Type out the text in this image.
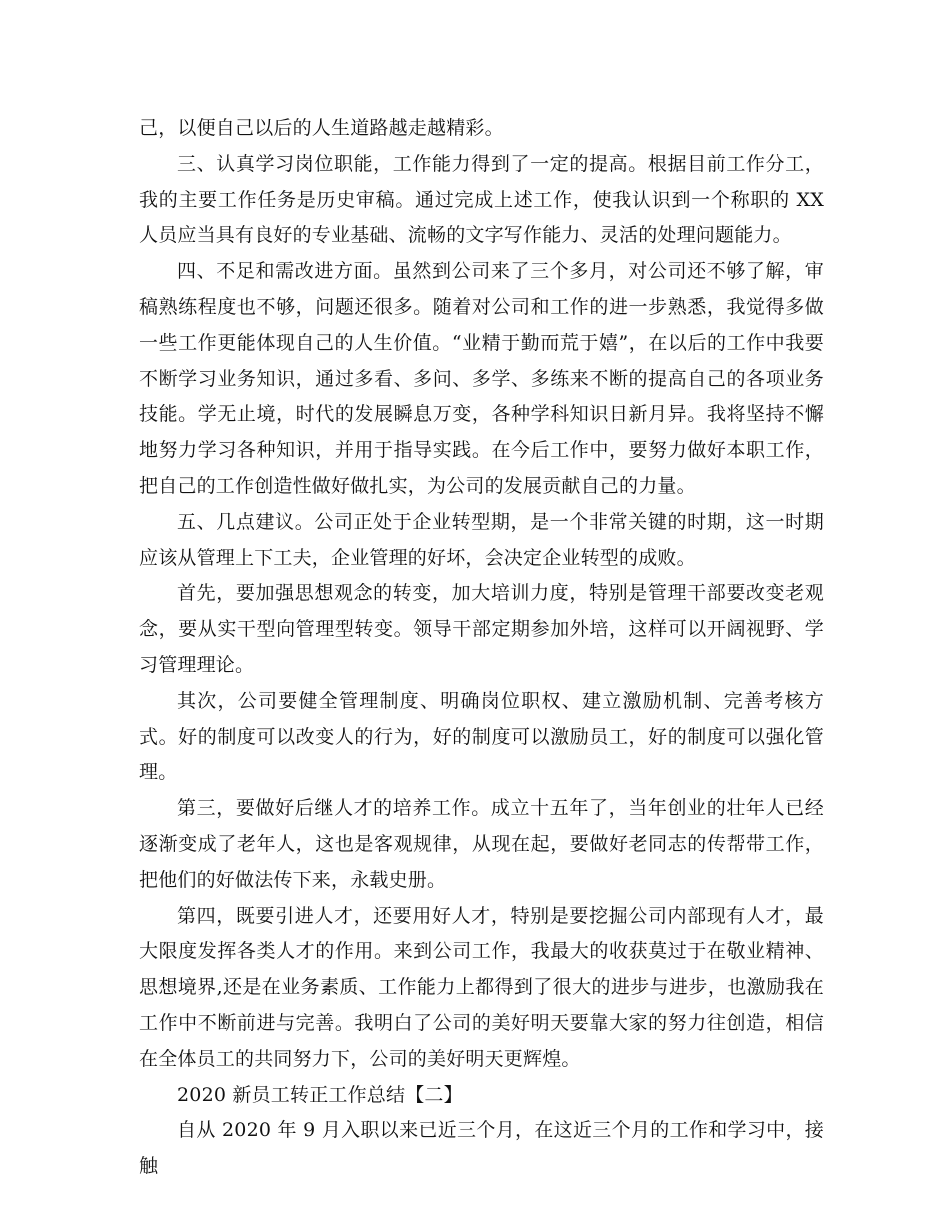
己，以便自己以后的人生道路越走越精彩。

三、认真学习岗位职能，工作能力得到了一定的提高。根据目前工作分工，我的主要工作任务是历史审稿。通过完成上述工作，使我认识到一个称职的 XX 人员应当具有良好的专业基础、流畅的文字写作能力、灵活的处理问题能力。

四、不足和需改进方面。虽然到公司来了三个多月，对公司还不够了解，审稿熟练程度也不够，问题还很多。随着对公司和工作的进一步熟悉，我觉得多做一些工作更能体现自己的人生价值。“业精于勤而荒于嬉”，在以后的工作中我要不断学习业务知识，通过多看、多问、多学、多练来不断的提高自己的各项业务技能。学无止境，时代的发展瞬息万变，各种学科知识日新月异。我将坚持不懈地努力学习各种知识，并用于指导实践。在今后工作中，要努力做好本职工作，把自己的工作创造性做好做扎实，为公司的发展贡献自己的力量。

五、几点建议。公司正处于企业转型期，是一个非常关键的时期，这一时期应该从管理上下工夫，企业管理的好坏，会决定企业转型的成败。

首先，要加强思想观念的转变，加大培训力度，特别是管理干部要改变老观念，要从实干型向管理型转变。领导干部定期参加外培，这样可以开阔视野、学习管理理论。

其次，公司要健全管理制度、明确岗位职权、建立激励机制、完善考核方式。好的制度可以改变人的行为，好的制度可以激励员工，好的制度可以强化管理。

第三，要做好后继人才的培养工作。成立十五年了，当年创业的壮年人已经逐渐变成了老年人，这也是客观规律，从现在起，要做好老同志的传帮带工作，把他们的好做法传下来，永载史册。

第四，既要引进人才，还要用好人才，特别是要挖掘公司内部现有人才，最大限度发挥各类人才的作用。来到公司工作，我最大的收获莫过于在敬业精神、思想境界,还是在业务素质、工作能力上都得到了很大的进步与进步，也激励我在工作中不断前进与完善。我明白了公司的美好明天要靠大家的努力往创造，相信在全体员工的共同努力下，公司的美好明天更辉煌。

2020 新员工转正工作总结【二】

自从 2020 年 9 月入职以来已近三个月，在这近三个月的工作和学习中，接触
